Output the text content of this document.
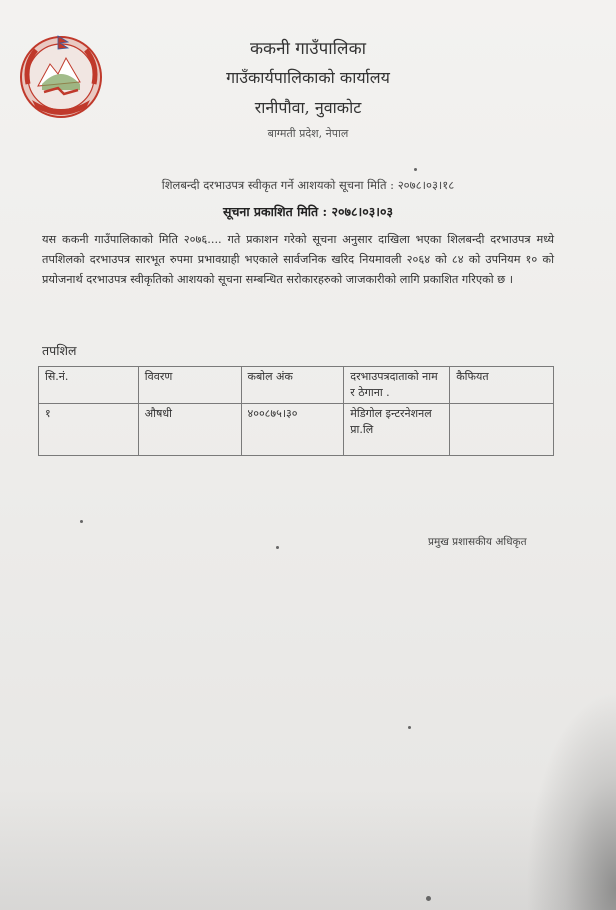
ककनी गाउँपालिका
गाउँकार्यपालिकाको कार्यालय
रानीपौवा, नुवाकोट
बाग्मती प्रदेश, नेपाल
शिलबन्दी दरभाउपत्र स्वीकृत गर्ने आशयको सूचना मिति : २०७८।०३।१८
सूचना प्रकाशित मिति : २०७८।०३।०३
यस ककनी गाउँपालिकाको मिति २०७६.... गते प्रकाशन गरेको सूचना अनुसार दाखिला भएका शिलबन्दी दरभाउपत्र मध्ये तपशिलको दरभाउपत्र सारभूत रुपमा प्रभावग्राही भएकाले सार्वजनिक खरिद नियमावली २०६४ को ८४ को उपनियम १० को प्रयोजनार्थ दरभाउपत्र स्वीकृतिको आशयको सूचना सम्बन्धित सरोकारहरुको जाजकारीको लागि प्रकाशित गरिएको छ ।
तपशिल
सि.नं.	विवरण	कबोल अंक	दरभाउपत्रदाताको नाम र ठेगाना .	कैफियत
१	औषधी	४००८७५।३०	मेडिगोल इन्टरनेशनल प्रा.लि	
प्रमुख प्रशासकीय अधिकृत
